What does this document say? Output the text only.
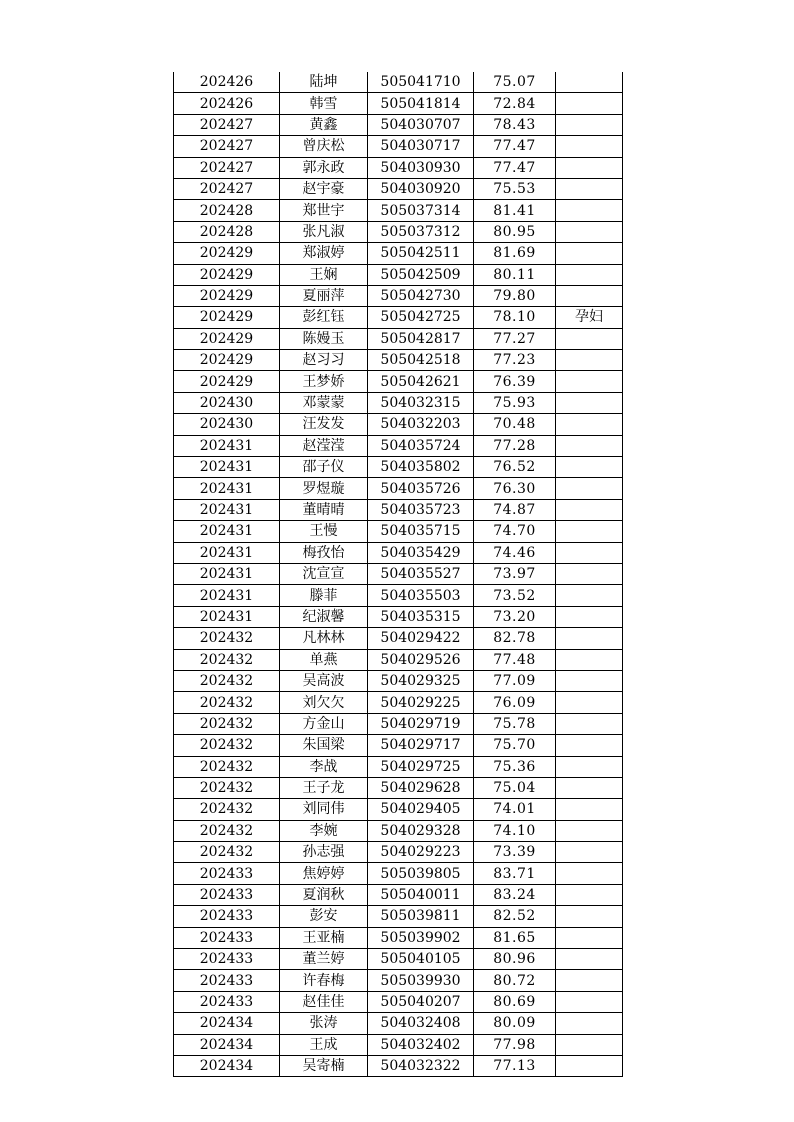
202426	陆坤	505041710	75.07	
202426	韩雪	505041814	72.84	
202427	黄鑫	504030707	78.43	
202427	曾庆松	504030717	77.47	
202427	郭永政	504030930	77.47	
202427	赵宇豪	504030920	75.53	
202428	郑世宇	505037314	81.41	
202428	张凡淑	505037312	80.95	
202429	郑淑婷	505042511	81.69	
202429	王娴	505042509	80.11	
202429	夏丽萍	505042730	79.80	
202429	彭红钰	505042725	78.10	孕妇
202429	陈嫚玉	505042817	77.27	
202429	赵习习	505042518	77.23	
202429	王梦娇	505042621	76.39	
202430	邓蒙蒙	504032315	75.93	
202430	汪发发	504032203	70.48	
202431	赵滢滢	504035724	77.28	
202431	邵子仪	504035802	76.52	
202431	罗煜璇	504035726	76.30	
202431	董晴晴	504035723	74.87	
202431	王慢	504035715	74.70	
202431	梅孜怡	504035429	74.46	
202431	沈宣宣	504035527	73.97	
202431	滕菲	504035503	73.52	
202431	纪淑馨	504035315	73.20	
202432	凡林林	504029422	82.78	
202432	单燕	504029526	77.48	
202432	吴高波	504029325	77.09	
202432	刘欠欠	504029225	76.09	
202432	方金山	504029719	75.78	
202432	朱国梁	504029717	75.70	
202432	李战	504029725	75.36	
202432	王子龙	504029628	75.04	
202432	刘同伟	504029405	74.01	
202432	李婉	504029328	74.10	
202432	孙志强	504029223	73.39	
202433	焦婷婷	505039805	83.71	
202433	夏润秋	505040011	83.24	
202433	彭安	505039811	82.52	
202433	王亚楠	505039902	81.65	
202433	董兰婷	505040105	80.96	
202433	许春梅	505039930	80.72	
202433	赵佳佳	505040207	80.69	
202434	张涛	504032408	80.09	
202434	王成	504032402	77.98	
202434	吴寄楠	504032322	77.13	
